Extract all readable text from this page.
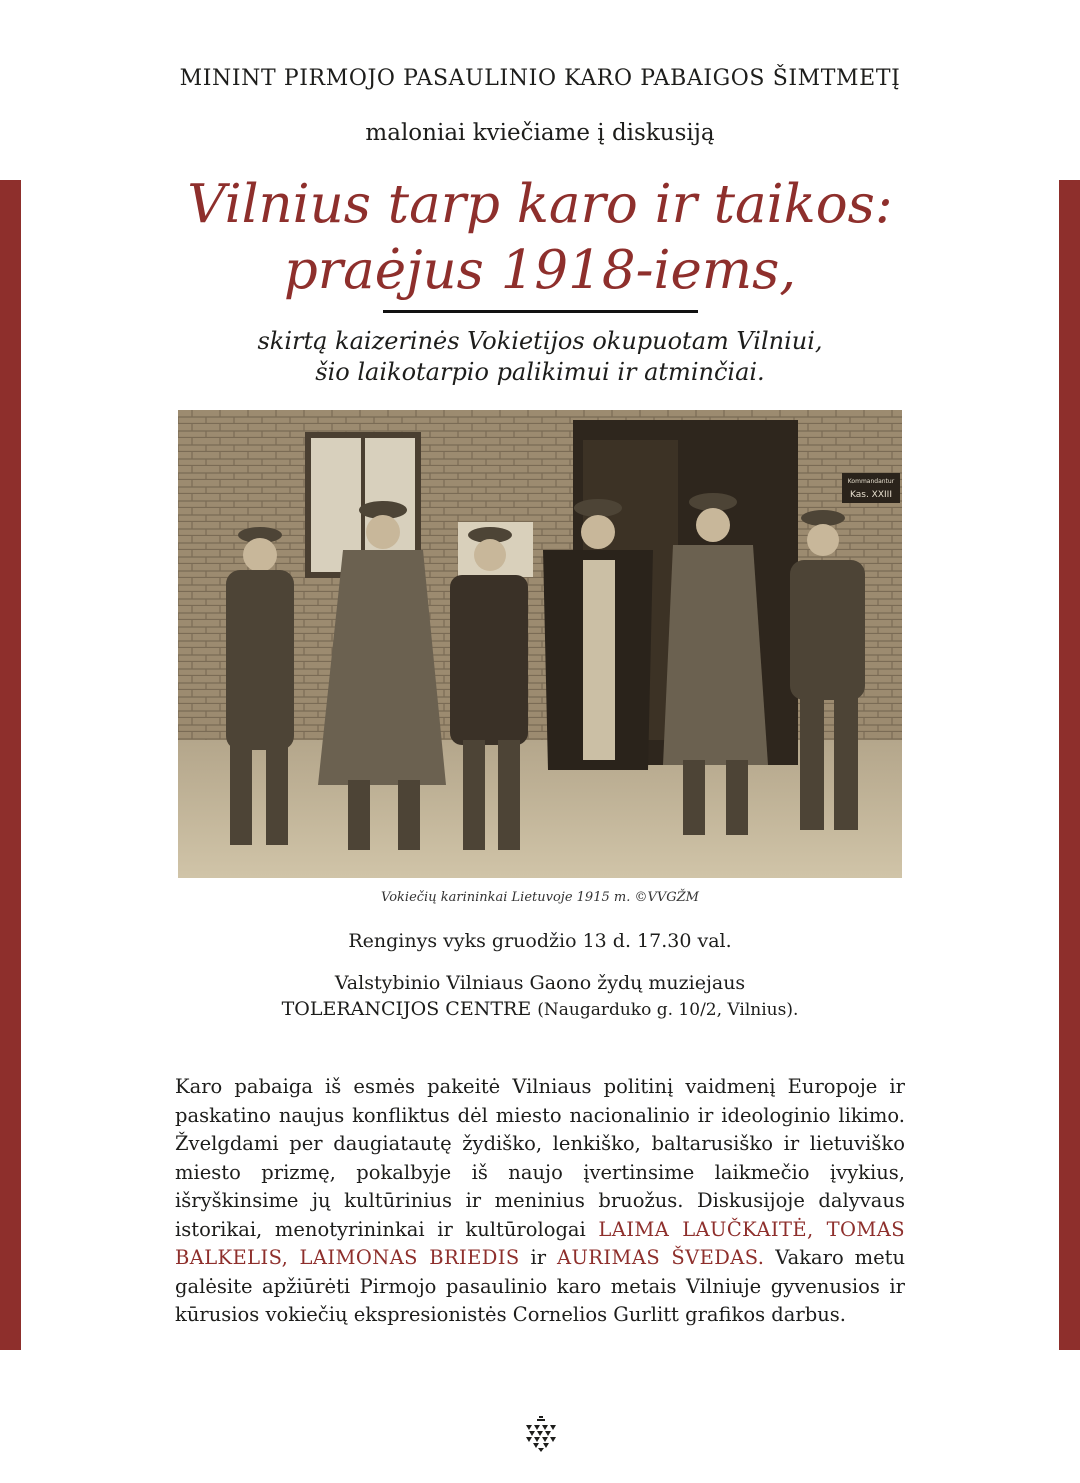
MININT PIRMOJO PASAULINIO KARO PABAIGOS ŠIMTMETĮ
maloniai kviečiame į diskusiją
Vilnius tarp karo ir taikos:
praėjus 1918-iems,
skirtą kaizerinės Vokietijos okupuotam Vilniui,
šio laikotarpio palikimui ir atminčiai.
Kommandantur
Kas. XXIII
Vokiečių karininkai Lietuvoje 1915 m. ©VVGŽM
Renginys vyks gruodžio 13 d. 17.30 val.
Valstybinio Vilniaus Gaono žydų muziejaus
TOLERANCIJOS CENTRE (Naugarduko g. 10/2, Vilnius).

Karo pabaiga iš esmės pakeitė Vilniaus politinį vaidmenį Europoje ir paskatino naujus konfliktus dėl miesto nacionalinio ir ideologinio likimo. Žvelgdami per daugiatautę žydiško, lenkiško, baltarusiško ir lietuviško miesto prizmę, pokalbyje iš naujo įvertinsime laikmečio įvykius, išryškinsime jų kultūrinius ir meninius bruožus. Diskusijoje dalyvaus istorikai, menotyrininkai ir kultūrologai LAIMA LAUČKAITĖ, TOMAS BALKELIS, LAIMONAS BRIEDIS ir AURIMAS ŠVEDAS. Vakaro metu galėsite apžiūrėti Pirmojo pasaulinio karo metais Vilniuje gyvenusios ir kūrusios vokiečių ekspresionistės Cornelios Gurlitt grafikos darbus.
